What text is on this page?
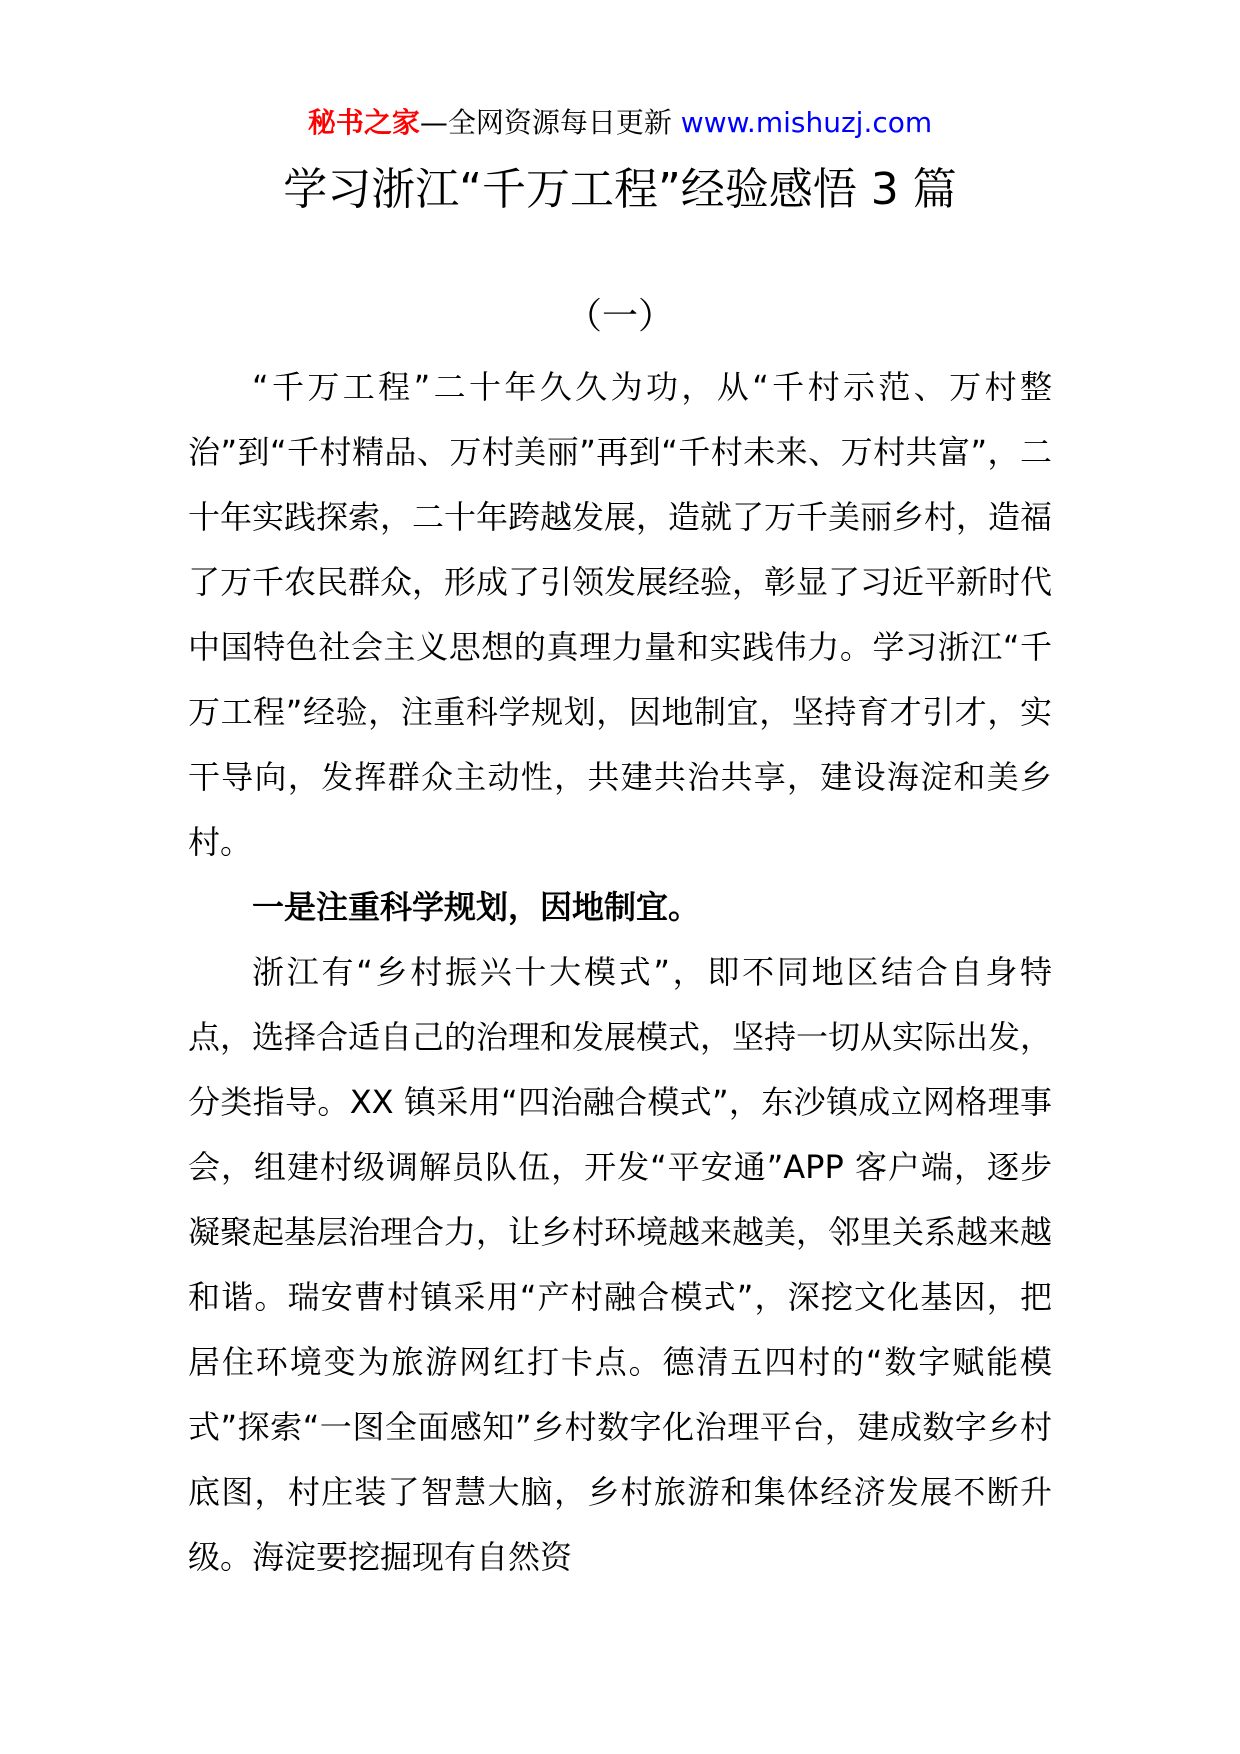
秘书之家—全网资源每日更新 www.mishuzj.com
学习浙江“千万工程”经验感悟 3 篇
（一）

“千万工程”二十年久久为功，从“千村示范、万村整治”到“千村精品、万村美丽”再到“千村未来、万村共富”，二十年实践探索，二十年跨越发展，造就了万千美丽乡村，造福了万千农民群众，形成了引领发展经验，彰显了习近平新时代中国特色社会主义思想的真理力量和实践伟力。学习浙江“千万工程”经验，注重科学规划，因地制宜，坚持育才引才，实干导向，发挥群众主动性，共建共治共享，建设海淀和美乡村。

一是注重科学规划，因地制宜。

浙江有“乡村振兴十大模式”，即不同地区结合自身特点，选择合适自己的治理和发展模式，坚持一切从实际出发，分类指导。XX 镇采用“四治融合模式”，东沙镇成立网格理事会，组建村级调解员队伍，开发“平安通”APP 客户端，逐步凝聚起基层治理合力，让乡村环境越来越美，邻里关系越来越和谐。瑞安曹村镇采用“产村融合模式”，深挖文化基因，把居住环境变为旅游网红打卡点。德清五四村的“数字赋能模式”探索“一图全面感知”乡村数字化治理平台，建成数字乡村底图，村庄装了智慧大脑，乡村旅游和集体经济发展不断升级。海淀要挖掘现有自然资
